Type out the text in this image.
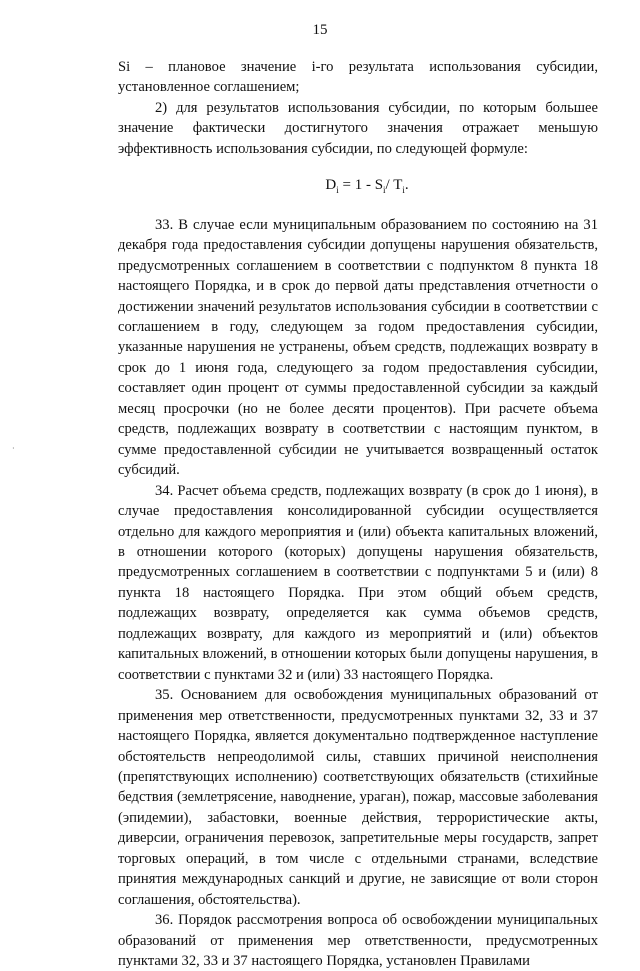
15
·

Si – плановое значение i-го результата использования субсидии, установленное соглашением;

2) для результатов использования субсидии, по которым большее значение фактически достигнутого значения отражает меньшую эффективность использования субсидии, по следующей формуле:

$D_i = 1 - S_i/$ $T_i$.

33. В случае если муниципальным образованием по состоянию на 31 декабря года предоставления субсидии допущены нарушения обязательств, предусмотренных соглашением в соответствии с подпунктом 8 пункта 18 настоящего Порядка, и в срок до первой даты представления отчетности о достижении значений результатов использования субсидии в соответствии с соглашением в году, следующем за годом предоставления субсидии, указанные нарушения не устранены, объем средств, подлежащих возврату в срок до 1 июня года, следующего за годом предоставления субсидии, составляет один процент от суммы предоставленной субсидии за каждый месяц просрочки (но не более десяти процентов). При расчете объема средств, подлежащих возврату в соответствии с настоящим пунктом, в сумме предоставленной субсидии не учитывается возвращенный остаток субсидий.

34. Расчет объема средств, подлежащих возврату (в срок до 1 июня), в случае предоставления консолидированной субсидии осуществляется отдельно для каждого мероприятия и (или) объекта капитальных вложений, в отношении которого (которых) допущены нарушения обязательств, предусмотренных соглашением в соответствии с подпунктами 5 и (или) 8 пункта 18 настоящего Порядка. При этом общий объем средств, подлежащих возврату, определяется как сумма объемов средств, подлежащих возврату, для каждого из мероприятий и (или) объектов капитальных вложений, в отношении которых были допущены нарушения, в соответствии с пунктами 32 и (или) 33 настоящего Порядка.

35. Основанием для освобождения муниципальных образований от применения мер ответственности, предусмотренных пунктами 32, 33 и 37 настоящего Порядка, является документально подтвержденное наступление обстоятельств непреодолимой силы, ставших причиной неисполнения (препятствующих исполнению) соответствующих обязательств (стихийные бедствия (землетрясение, наводнение, ураган), пожар, массовые заболевания (эпидемии), забастовки, военные действия, террористические акты, диверсии, ограничения перевозок, запретительные меры государств, запрет торговых операций, в том числе с отдельными странами, вследствие принятия международных санкций и другие, не зависящие от воли сторон соглашения, обстоятельства).

36. Порядок рассмотрения вопроса об освобождении муниципальных образований от применения мер ответственности, предусмотренных пунктами 32, 33 и 37 настоящего Порядка, установлен Правилами
